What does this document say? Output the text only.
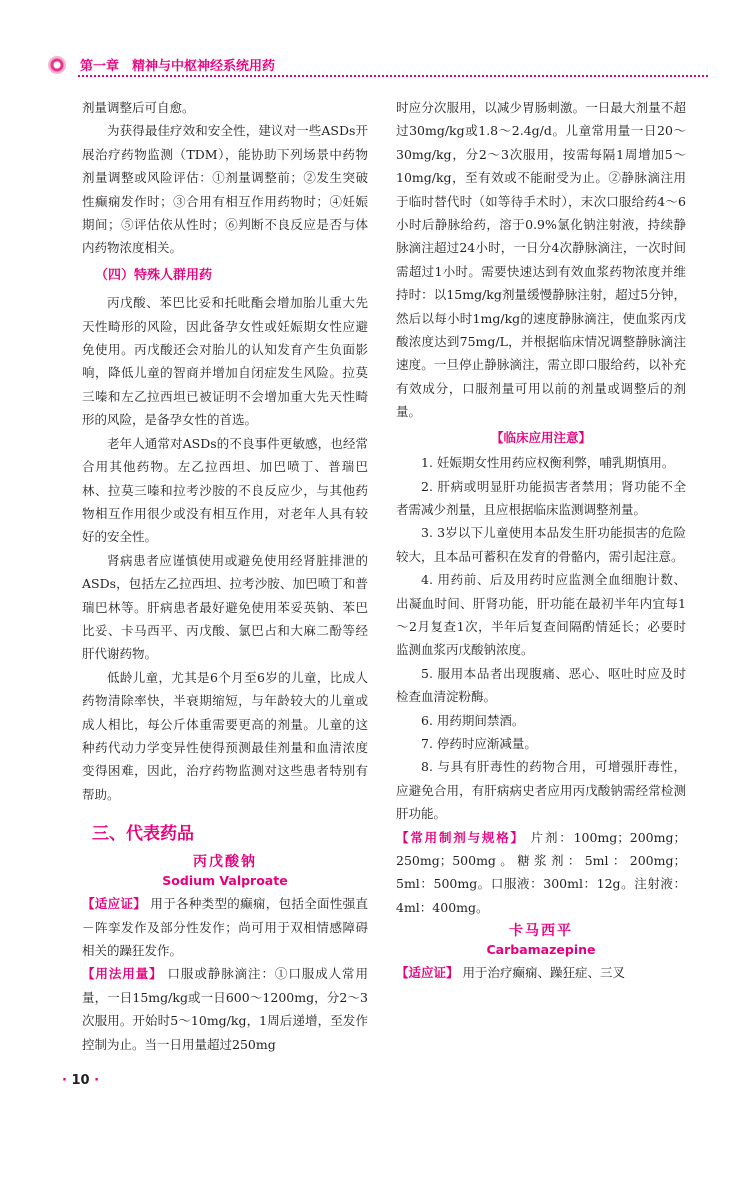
第一章　精神与中枢神经系统用药

剂量调整后可自愈。

为获得最佳疗效和安全性，建议对一些ASDs开展治疗药物监测（TDM），能协助下列场景中药物剂量调整或风险评估：①剂量调整前；②发生突破性癫痫发作时；③合用有相互作用药物时；④妊娠期间；⑤评估依从性时；⑥判断不良反应是否与体内药物浓度相关。

（四）特殊人群用药

丙戊酸、苯巴比妥和托吡酯会增加胎儿重大先天性畸形的风险，因此备孕女性或妊娠期女性应避免使用。丙戊酸还会对胎儿的认知发育产生负面影响，降低儿童的智商并增加自闭症发生风险。拉莫三嗪和左乙拉西坦已被证明不会增加重大先天性畸形的风险，是备孕女性的首选。

老年人通常对ASDs的不良事件更敏感，也经常合用其他药物。左乙拉西坦、加巴喷丁、普瑞巴林、拉莫三嗪和拉考沙胺的不良反应少，与其他药物相互作用很少或没有相互作用，对老年人具有较好的安全性。

肾病患者应谨慎使用或避免使用经肾脏排泄的ASDs，包括左乙拉西坦、拉考沙胺、加巴喷丁和普瑞巴林等。肝病患者最好避免使用苯妥英钠、苯巴比妥、卡马西平、丙戊酸、氯巴占和大麻二酚等经肝代谢药物。

低龄儿童，尤其是6个月至6岁的儿童，比成人药物清除率快，半衰期缩短，与年龄较大的儿童或成人相比，每公斤体重需要更高的剂量。儿童的这种药代动力学变异性使得预测最佳剂量和血清浓度变得困难，因此，治疗药物监测对这些患者特别有帮助。

三、代表药品
丙戊酸钠
Sodium Valproate

【适应证】 用于各种类型的癫痫，包括全面性强直－阵挛发作及部分性发作；尚可用于双相情感障碍相关的躁狂发作。

【用法用量】 口服或静脉滴注：①口服成人常用量，一日15mg/kg或一日600～1200mg，分2～3次服用。开始时5～10mg/kg，1周后递增，至发作控制为止。当一日用量超过250mg

时应分次服用，以减少胃肠刺激。一日最大剂量不超过30mg/kg或1.8～2.4g/d。儿童常用量一日20～30mg/kg，分2～3次服用，按需每隔1周增加5～10mg/kg，至有效或不能耐受为止。②静脉滴注用于临时替代时（如等待手术时），末次口服给药4～6小时后静脉给药，溶于0.9%氯化钠注射液，持续静脉滴注超过24小时，一日分4次静脉滴注，一次时间需超过1小时。需要快速达到有效血浆药物浓度并维持时：以15mg/kg剂量缓慢静脉注射，超过5分钟，然后以每小时1mg/kg的速度静脉滴注，使血浆丙戊酸浓度达到75mg/L，并根据临床情况调整静脉滴注速度。一旦停止静脉滴注，需立即口服给药，以补充有效成分，口服剂量可用以前的剂量或调整后的剂量。

【临床应用注意】

1. 妊娠期女性用药应权衡利弊，哺乳期慎用。

2. 肝病或明显肝功能损害者禁用；肾功能不全者需减少剂量，且应根据临床监测调整剂量。

3. 3岁以下儿童使用本品发生肝功能损害的危险较大，且本品可蓄积在发育的骨骼内，需引起注意。

4. 用药前、后及用药时应监测全血细胞计数、出凝血时间、肝肾功能，肝功能在最初半年内宜每1～2月复查1次，半年后复查间隔酌情延长；必要时监测血浆丙戊酸钠浓度。

5. 服用本品者出现腹痛、恶心、呕吐时应及时检查血清淀粉酶。

6. 用药期间禁酒。

7. 停药时应渐减量。

8. 与具有肝毒性的药物合用，可增强肝毒性，应避免合用，有肝病病史者应用丙戊酸钠需经常检测肝功能。

【常用制剂与规格】 片剂：100mg；200mg；250mg；500mg。糖浆剂：5ml：200mg；5ml：500mg。口服液：300ml：12g。注射液：4ml：400mg。

卡马西平
Carbamazepine

【适应证】 用于治疗癫痫、躁狂症、三叉

· 10 ·
